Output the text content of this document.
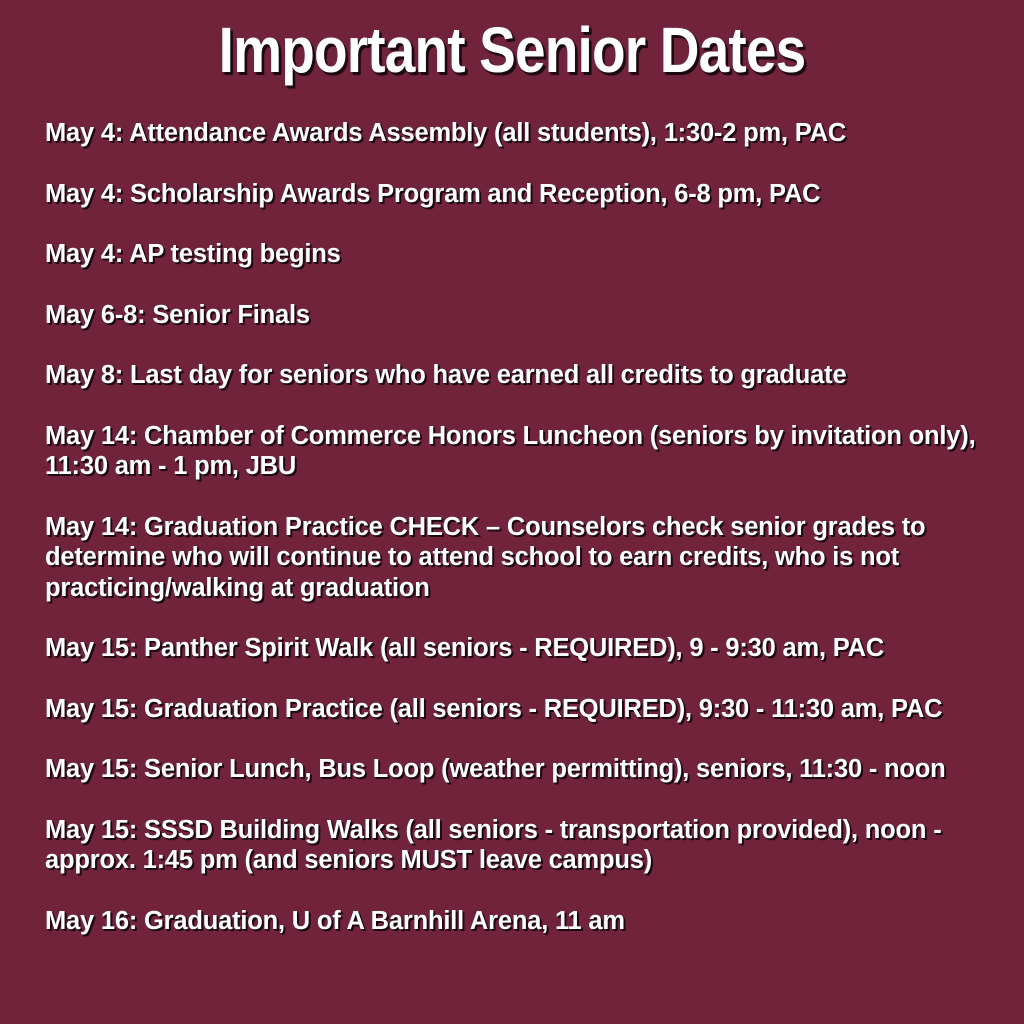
Important Senior Dates
May 4: Attendance Awards Assembly (all students), 1:30-2 pm, PAC
May 4: Scholarship Awards Program and Reception, 6-8 pm, PAC
May 4: AP testing begins
May 6-8: Senior Finals
May 8: Last day for seniors who have earned all credits to graduate
May 14: Chamber of Commerce Honors Luncheon (seniors by invitation only), 11:30 am - 1 pm, JBU
May 14: Graduation Practice CHECK – Counselors check senior grades to determine who will continue to attend school to earn credits, who is not practicing/walking at graduation
May 15: Panther Spirit Walk (all seniors - REQUIRED), 9 - 9:30 am, PAC
May 15: Graduation Practice (all seniors - REQUIRED), 9:30 - 11:30 am, PAC
May 15: Senior Lunch, Bus Loop (weather permitting), seniors, 11:30 - noon
May 15: SSSD Building Walks (all seniors - transportation provided), noon - approx. 1:45 pm (and seniors MUST leave campus)
May 16: Graduation, U of A Barnhill Arena, 11 am
